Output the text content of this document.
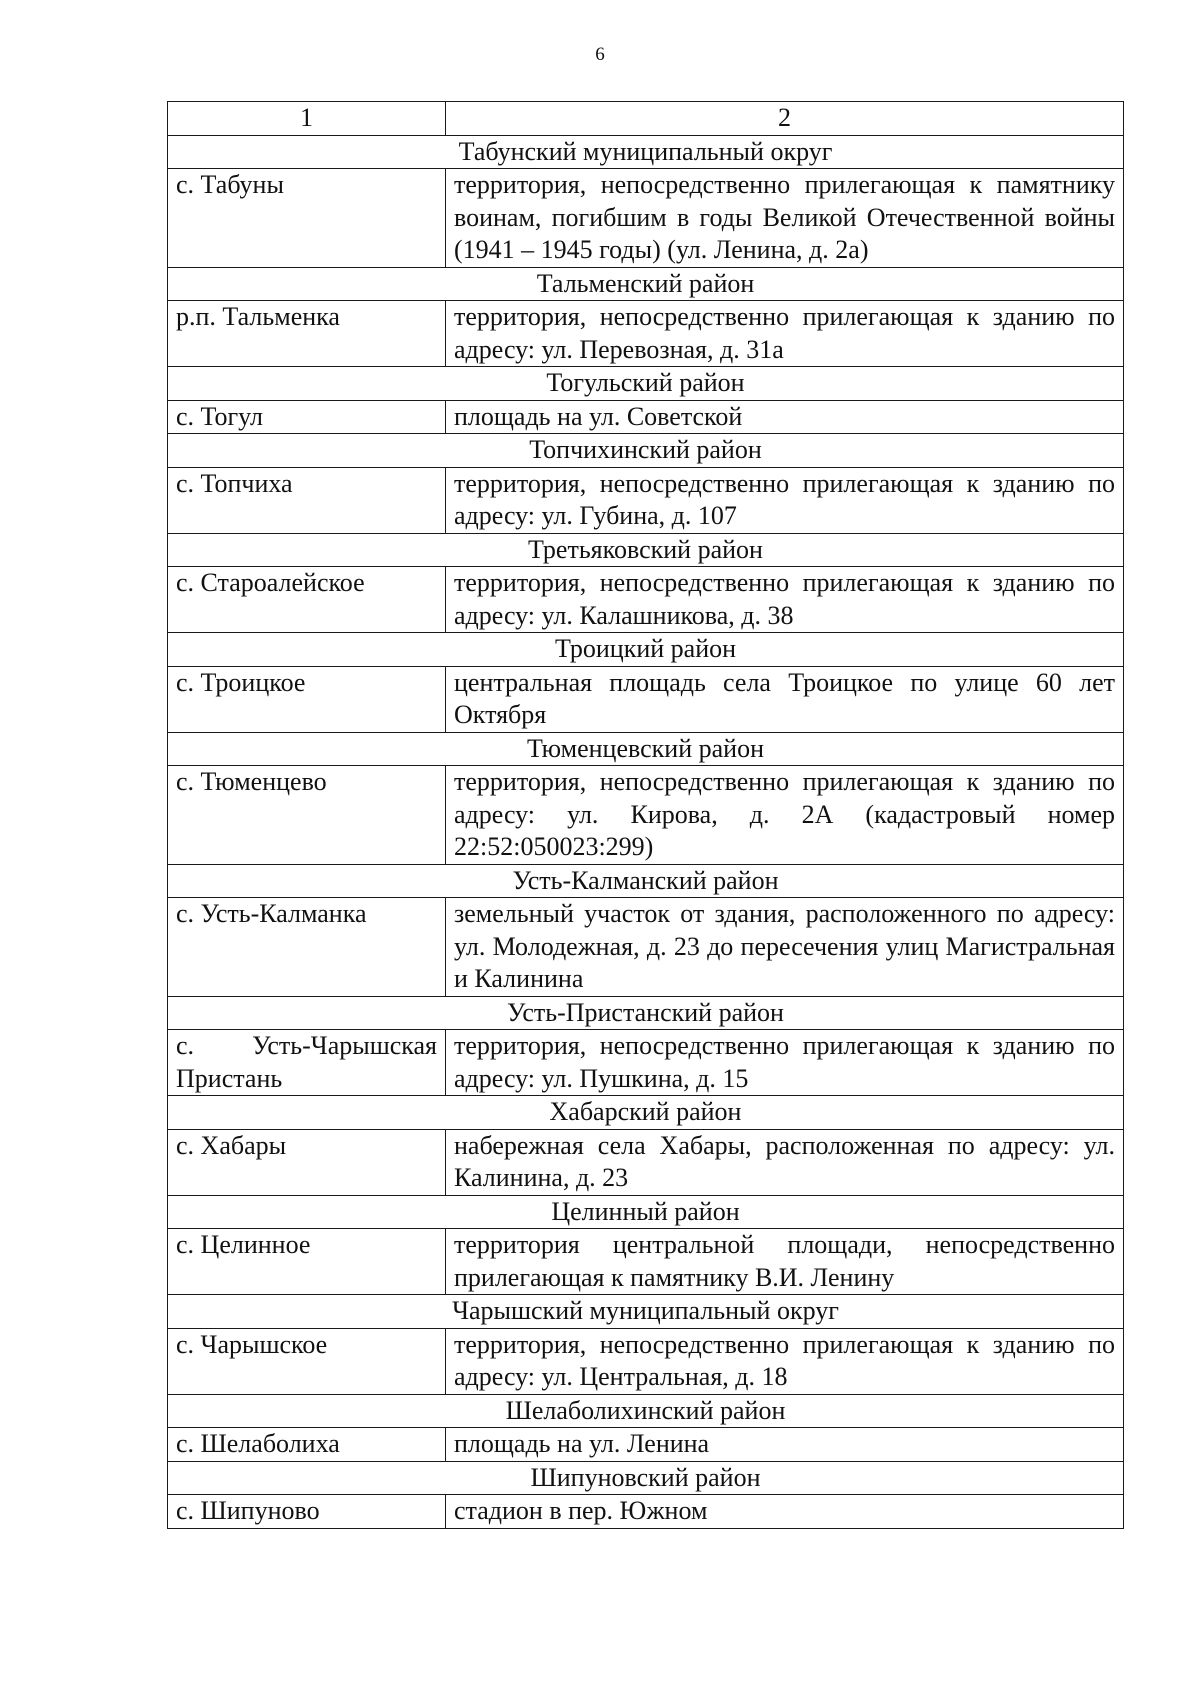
6
1	2
Табунский муниципальный округ	
с. Табуны	территория, непосредственно прилегающая к памятнику воинам, погибшим в годы Великой Отечественной войны (1941 – 1945 годы) (ул. Ленина, д. 2а)
Тальменский район	
р.п. Тальменка	территория, непосредственно прилегающая к зданию по адресу: ул. Перевозная, д. 31а
Тогульский район	
с. Тогул	площадь на ул. Советской
Топчихинский район	
с. Топчиха	территория, непосредственно прилегающая к зданию по адресу: ул. Губина, д. 107
Третьяковский район	
с. Староалейское	территория, непосредственно прилегающая к зданию по адресу: ул. Калашникова, д. 38
Троицкий район	
с. Троицкое	центральная площадь села Троицкое по улице 60 лет Октября
Тюменцевский район	
с. Тюменцево	территория, непосредственно прилегающая к зданию по адресу: ул. Кирова, д. 2А (кадастровый номер 22:52:050023:299)
Усть-Калманский район	
с. Усть-Калманка	земельный участок от здания, расположенного по адресу: ул. Молодежная, д. 23 до пересечения улиц Магистральная и Калинина
Усть-Пристанский район	
с. Усть-Чарышская Пристань	территория, непосредственно прилегающая к зданию по адресу: ул. Пушкина, д. 15
Хабарский район	
с. Хабары	набережная села Хабары, расположенная по адресу: ул. Калинина, д. 23
Целинный район	
с. Целинное	территория центральной площади, непосредственно прилегающая к памятнику В.И. Ленину
Чарышский муниципальный округ	
с. Чарышское	территория, непосредственно прилегающая к зданию по адресу: ул. Центральная, д. 18
Шелаболихинский район	
с. Шелаболиха	площадь на ул. Ленина
Шипуновский район	
с. Шипуново	стадион в пер. Южном
